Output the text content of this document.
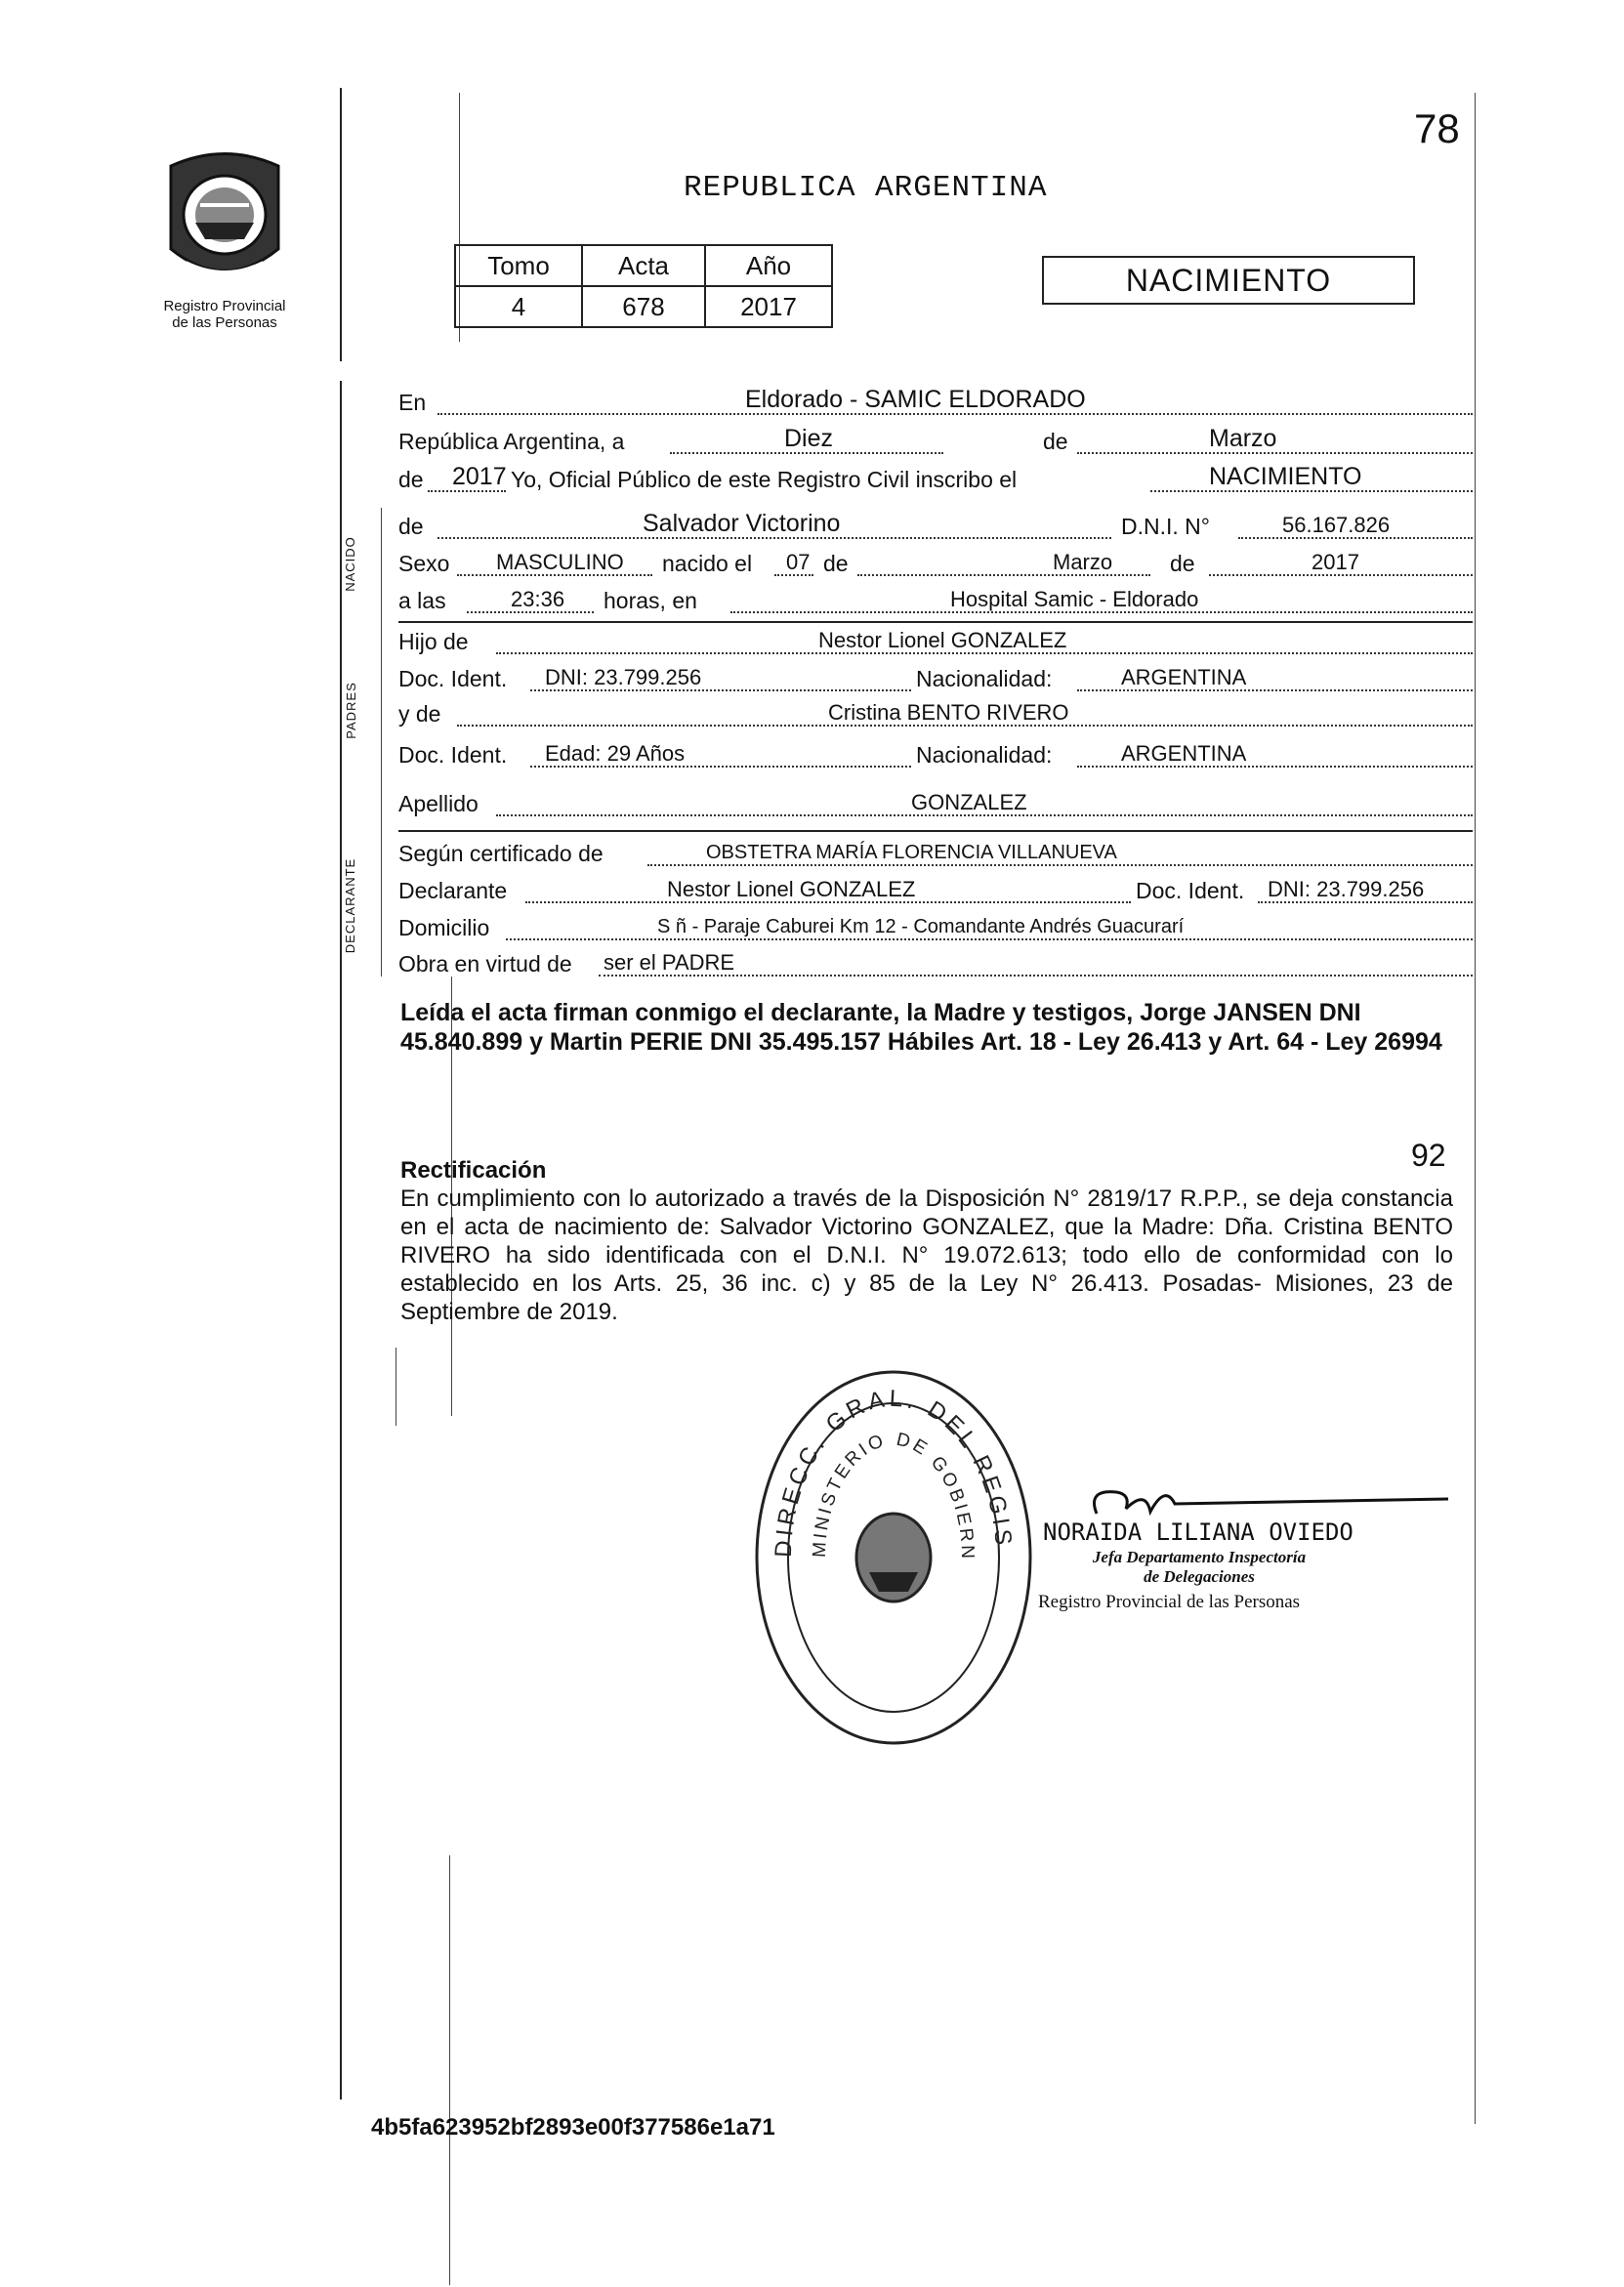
Registro Provincial
de las Personas
78
REPUBLICA ARGENTINA
Tomo	Acta	Año
4	678	2017
NACIMIENTO
En	Eldorado - SAMIC ELDORADO
República Argentina, a	Diez	de	Marzo
de 2017 Yo, Oficial Público de este Registro Civil inscribo el	NACIMIENTO
NACIDO
de	Salvador Victorino	D.N.I. N°	56.167.826
Sexo MASCULINO nacido el 07 de	Marzo	de	2017
a las	23:36 horas, en	Hospital Samic - Eldorado
PADRES
Hijo de	Nestor Lionel GONZALEZ
Doc. Ident. DNI: 23.799.256	Nacionalidad:	ARGENTINA
y de	Cristina BENTO RIVERO
Doc. Ident. Edad: 29 Años	Nacionalidad:	ARGENTINA
Apellido	GONZALEZ
DECLARANTE
Según certificado de	OBSTETRA MARÍA FLORENCIA VILLANUEVA
Declarante	Nestor Lionel GONZALEZ	Doc. Ident. DNI: 23.799.256
Domicilio	S ñ - Paraje Caburei Km 12 - Comandante Andrés Guacurarí
Obra en virtud de ser el PADRE
Leída el acta firman conmigo el declarante, la Madre y testigos, Jorge JANSEN DNI 45.840.899 y Martin PERIE DNI 35.495.157 Hábiles Art. 18 - Ley 26.413 y Art. 64 - Ley 26994
92
Rectificación
En cumplimiento con lo autorizado a través de la Disposición N° 2819/17 R.P.P., se deja constancia en el acta de nacimiento de: Salvador Victorino GONZALEZ, que la Madre: Dña. Cristina BENTO RIVERO ha sido identificada con el D.N.I. N° 19.072.613; todo ello de conformidad con lo establecido en los Arts. 25, 36 inc. c) y 85 de la Ley N° 26.413. Posadas- Misiones, 23 de Septiembre de 2019.
DIRECC. GRAL. DEL REGIS
MINISTERIO DE GOBIERN
NORAIDA LILIANA OVIEDO
Jefa Departamento Inspectoría
de Delegaciones
Registro Provincial de las Personas
4b5fa623952bf2893e00f377586e1a71
